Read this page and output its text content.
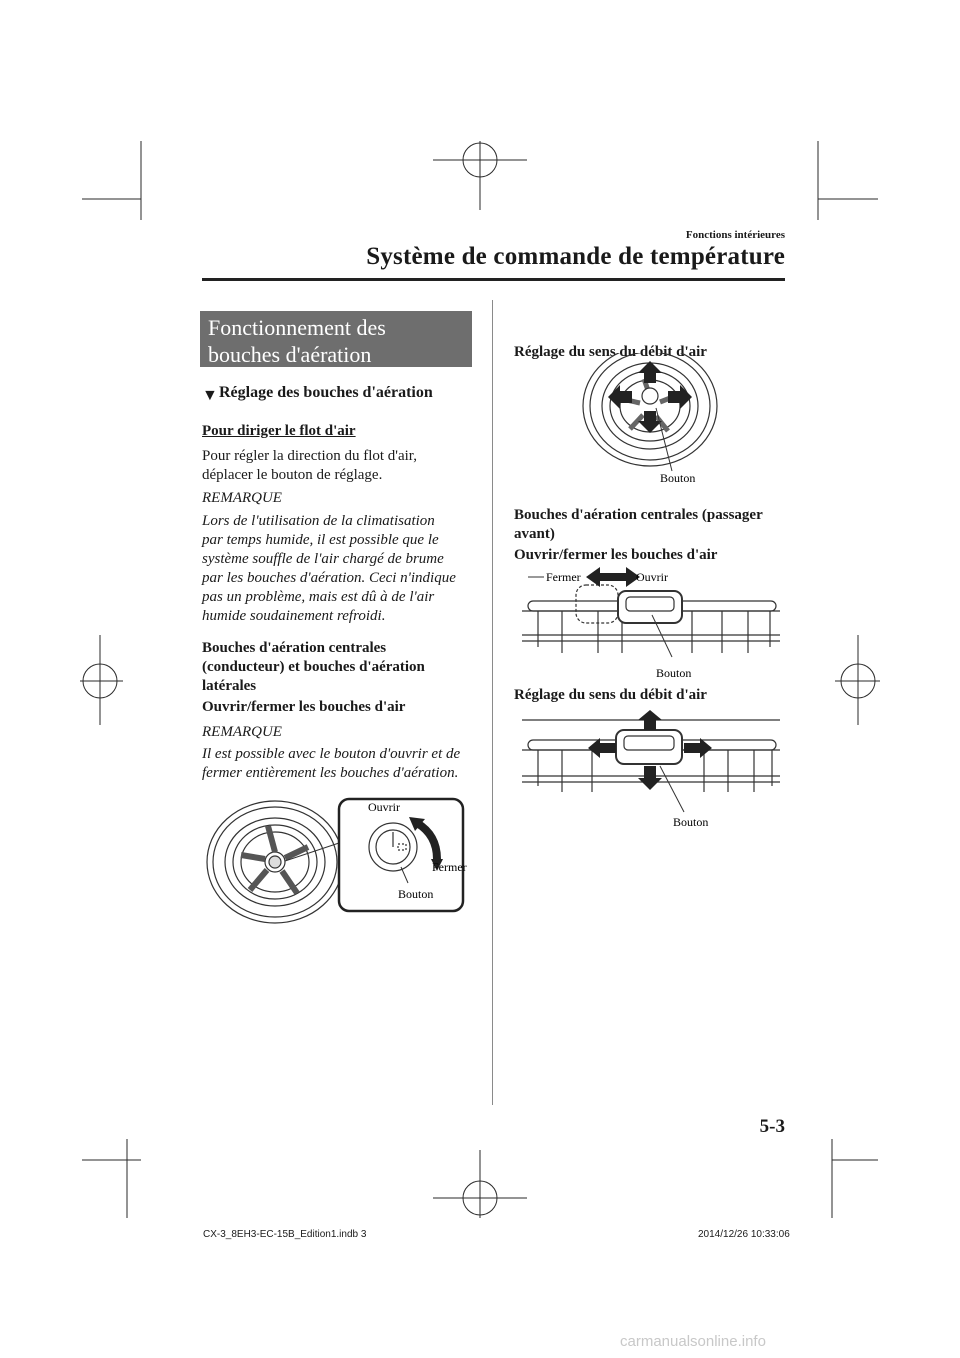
Fonctions intérieures
Système de commande de température
Fonctionnement des
bouches d'aération
▼ Réglage des bouches d'aération
Pour diriger le flot d'air
Pour régler la direction du flot d'air,
déplacer le bouton de réglage.
REMARQUE
Lors de l'utilisation de la climatisation
par temps humide, il est possible que le
système souffle de l'air chargé de brume
par les bouches d'aération. Ceci n'indique
pas un problème, mais est dû à de l'air
humide soudainement refroidi.
Bouches d'aération centrales
(conducteur) et bouches d'aération
latérales
Ouvrir/fermer les bouches d'air
REMARQUE
Il est possible avec le bouton d'ouvrir et de
fermer entièrement les bouches d'aération.
Ouvrir
Fermer
Bouton
Réglage du sens du débit d'air
Bouton
Bouches d'aération centrales (passager
avant)
Ouvrir/fermer les bouches d'air
Fermer	Ouvrir
Bouton
Réglage du sens du débit d'air
Bouton
5-3
CX-3_8EH3-EC-15B_Edition1.indb 3	2014/12/26 10:33:06
carmanualsonline.info
